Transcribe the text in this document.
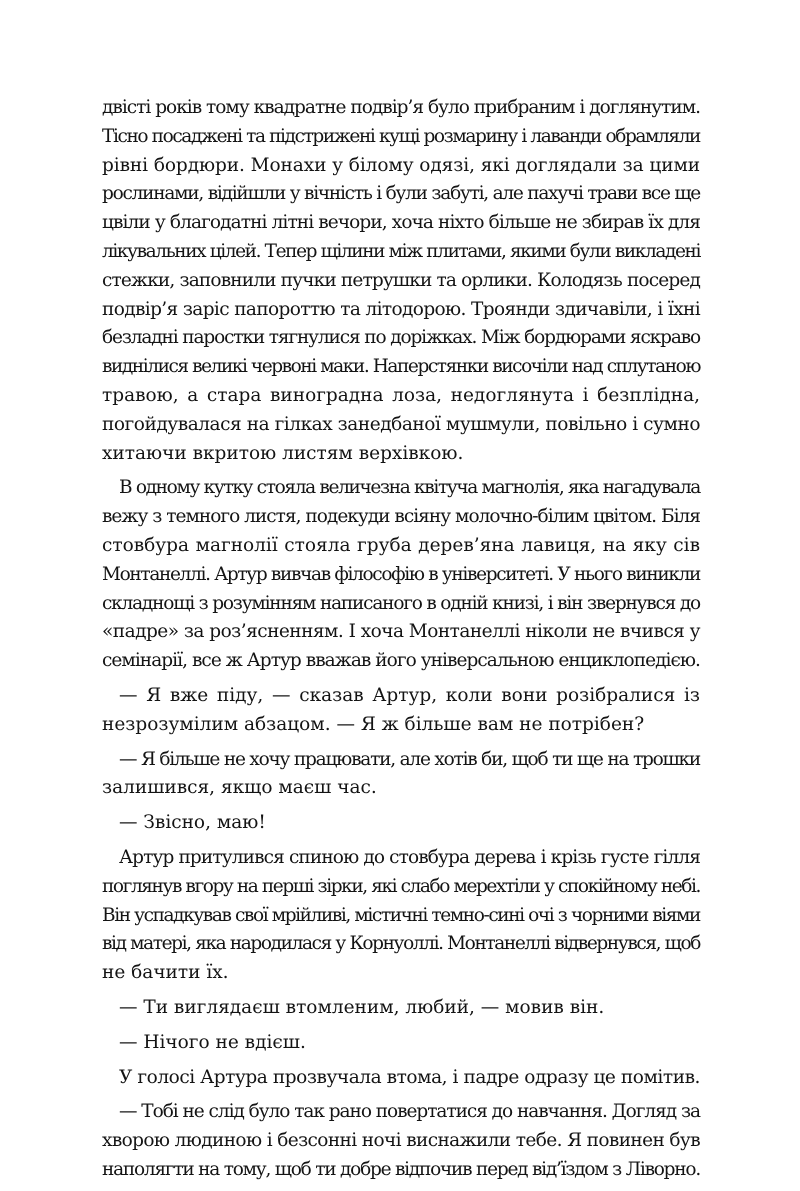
двісті років тому квадратне подвір’я було прибраним і доглянутим.
Тісно посаджені та підстрижені кущі розмарину і лаванди обрамляли
рівні бордюри. Монахи у білому одязі, які доглядали за цими
рослинами, відійшли у вічність і були забуті, але пахучі трави все ще
цвіли у благодатні літні вечори, хоча ніхто більше не збирав їх для
лікувальних цілей. Тепер щілини між плитами, якими були викладені
стежки, заповнили пучки петрушки та орлики. Колодязь посеред
подвір’я заріс папороттю та літодорою. Троянди здичавіли, і їхні
безладні паростки тягнулися по доріжках. Між бордюрами яскраво
виднілися великі червоні маки. Наперстянки височіли над сплутаною
травою, а стара виноградна лоза, недоглянута і безплідна,
погойдувалася на гілках занедбаної мушмули, повільно і сумно
хитаючи вкритою листям верхівкою.
В одному кутку стояла величезна квітуча магнолія, яка нагадувала
вежу з темного листя, подекуди всіяну молочно-білим цвітом. Біля
стовбура магнолії стояла груба дерев’яна лавиця, на яку сів
Монтанеллі. Артур вивчав філософію в університеті. У нього виникли
складнощі з розумінням написаного в одній книзі, і він звернувся до
«падре» за роз’ясненням. І хоча Монтанеллі ніколи не вчився у
семінарії, все ж Артур вважав його універсальною енциклопедією.
— Я вже піду, — сказав Артур, коли вони розібралися із
незрозумілим абзацом. — Я ж більше вам не потрібен?
— Я більше не хочу працювати, але хотів би, щоб ти ще на трошки
залишився, якщо маєш час.
— Звісно, маю!
Артур притулився спиною до стовбура дерева і крізь густе гілля
поглянув вгору на перші зірки, які слабо мерехтіли у спокійному небі.
Він успадкував свої мрійливі, містичні темно-сині очі з чорними віями
від матері, яка народилася у Корнуоллі. Монтанеллі відвернувся, щоб
не бачити їх.
— Ти виглядаєш втомленим, любий, — мовив він.
— Нічого не вдієш.
У голосі Артура прозвучала втома, і падре одразу це помітив.
— Тобі не слід було так рано повертатися до навчання. Догляд за
хворою людиною і безсонні ночі виснажили тебе. Я повинен був
наполягти на тому, щоб ти добре відпочив перед від’їздом з Ліворно.
